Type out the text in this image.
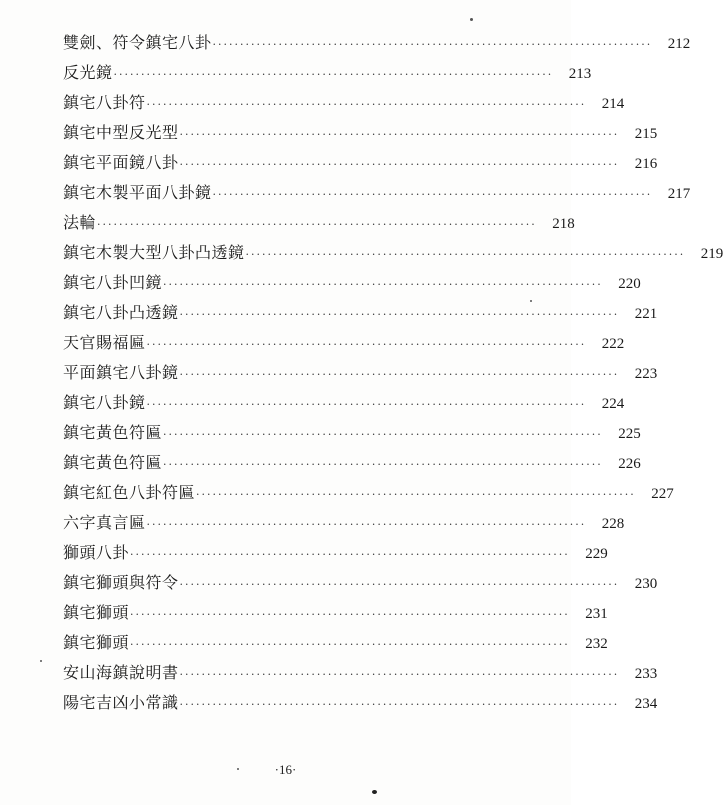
雙劍、符令鎮宅八卦 ················································································	212
反光鏡 ················································································	213
鎮宅八卦符 ················································································	214
鎮宅中型反光型 ················································································	215
鎮宅平面鏡八卦 ················································································	216
鎮宅木製平面八卦鏡 ················································································	217
法輪 ················································································	218
鎮宅木製大型八卦凸透鏡 ················································································	219
鎮宅八卦凹鏡 ················································································	220
鎮宅八卦凸透鏡 ················································································	221
天官賜福匾 ················································································	222
平面鎮宅八卦鏡 ················································································	223
鎮宅八卦鏡 ················································································	224
鎮宅黃色符匾 ················································································	225
鎮宅黃色符匾 ················································································	226
鎮宅紅色八卦符匾 ················································································	227
六字真言匾 ················································································	228
獅頭八卦 ················································································	229
鎮宅獅頭與符令 ················································································	230
鎮宅獅頭 ················································································	231
鎮宅獅頭 ················································································	232
安山海鎮說明書 ················································································	233
陽宅吉凶小常識 ················································································	234
·16·
